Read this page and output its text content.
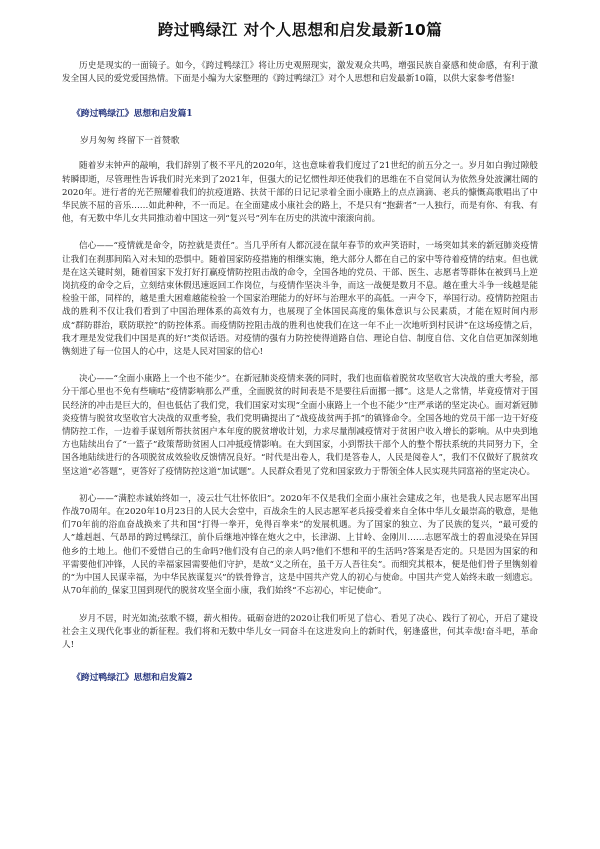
跨过鸭绿江 对个人思想和启发最新10篇

历史是现实的一面镜子。如今，《跨过鸭绿江》将让历史观照现实，激发观众共鸣，增强民族自豪感和使命感，有利于激发全国人民的爱党爱国热情。下面是小编为大家整理的《跨过鸭绿江》对个人思想和启发最新10篇，以供大家参考借鉴!

《跨过鸭绿江》思想和启发篇1
岁月匆匆 终留下一首赞歌

随着岁末钟声的敲响，我们辞别了极不平凡的2020年，这也意味着我们度过了21世纪的前五分之一。岁月如白驹过隙般转瞬即逝，尽管理性告诉我们时光来到了2021年，但强大的记忆惯性却还使我们的思维在不自觉间认为依然身处波澜壮阔的2020年。迸行者的光芒照耀着我们的抗疫道路、扶贫干部的日记记录着全面小康路上的点点滴滴、老兵的慷慨高歌唱出了中华民族不屈的音乐……如此种种，不一而足。在全面建成小康社会的路上，不是只有“抱薪者”一人独行，而是有你、有我、有他，有无数中华儿女共同推动着中国这一列“复兴号”列车在历史的洪流中滚滚向前。

信心——“疫情就是命令，防控就是责任”。当几乎所有人都沉浸在鼠年春节的欢声笑语时，一场突如其来的新冠肺炎疫情让我们在刹那间陷入对未知的恐惧中。随着国家防疫措施的相继实施，绝大部分人都在自己的家中等待着疫情的结束。但也就是在这关键时刻，随着国家下发打好打赢疫情防控阻击战的命令，全国各地的党员、干部、医生、志愿者等群体在被到马上逆岗抗疫的命令之后，立刻结束休假迅速返回工作岗位，与疫情作坚决斗争，而这一战便是数月不息。越在重大斗争一线越是能检验干部，同样的，越是重大困难越能检验一个国家治理能力的好坏与治理水平的高低。一声令下，举国行动。疫情防控阻击战的胜利不仅让我们看到了中国治理体系的高效有力，也展现了全体国民高度的集体意识与公民素质，才能在短时间内形成“群防群治，联防联控”的防控体系。而疫情防控阻击战的胜利也使我们在这一年不止一次地听到村民讲“在这场疫情之后，我才理是发觉我们中国是真的好!”类似话语。对疫情的强有力防控使得道路自信、理论自信、制度自信、文化自信更加深刻地镌刻进了每一位国人的心中，这是人民对国家的信心!

决心——“全面小康路上一个也不能少”。在新冠肺炎疫情来袭的同时，我们也面临着脱贫攻坚收官大决战的重大考验，部分干部心里也不免有些嘀咕“疫情影响那么严重，全面脱贫的时间表是不是要往后面挪一挪”。这是人之常情，毕竟疫情对于国民经济的冲击是巨大的，但也低估了我们党，我们国家对实现“全面小康路上一个也不能少”庄严承诺的坚定决心。面对新冠肺炎疫情与脱贫攻坚收官大决战的双重考验，我们党明确提出了“战疫战贫两手抓”的镇锋命令。全国各地的党员干部一边干好疫情防控工作，一边着手谋划所帮扶贫困户本年度的脱贫增收计划，力求尽量削减疫情对于贫困户收入增长的影响。从中央到地方也陆续出台了“一篮子”政策帮助贫困人口冲抵疫情影响。在大到国家，小到帮扶干部个人的整个帮扶系统的共同努力下，全国各地陆续进行的各项脱贫成效验收反馈情况良好。“时代是出卷人，我们是答卷人，人民是阅卷人”，我们不仅做好了脱贫攻坚这道“必答题”，更答好了疫情防控这道“加试题”。人民群众看见了党和国家致力于帮领全体人民实现共同富裕的坚定决心。

初心——“满腔赤诚始终如一，凌云壮气壮怀依旧”。2020年不仅是我们全面小康社会建成之年，也是我人民志愿军出国作战70周年。在2020年10月23日的人民大会堂中，百战余生的人民志愿军老兵接受着来自全体中华儿女最崇高的敬意，是他们70年前的浴血奋战换来了共和国“打得一拳开，免得百拳来”的发展机遇。为了国家的独立、为了民族的复兴，“最可爱的人”雄赳赳、气昂昂的跨过鸭绿江，前仆后继地冲锋在炮火之中，长津湖、上甘岭、金刚川……志愿军战士的碧血浸染在异国他乡的土地上。他们不爱惜自己的生命吗?他们没有自己的亲人吗?他们不想和平的生活吗?答案是否定的。只是因为国家的和平需要他们冲锋，人民的幸福家园需要他们守护，是故“义之所在，虽千万人吾往矣”。而细究其根本，便是他们骨子里镌刻着的“为中国人民谋幸福，为中华民族谋复兴”的铁骨铮言，这是中国共产党人的初心与使命。中国共产党人始终未敢一刻遗忘。从70年前的_保家卫国到现代的脱贫攻坚全面小康，我们始终“不忘初心，牢记使命”。

岁月不居，时光如流;弦歌不辍，薪火相传。砥砺奋进的2020让我们听见了信心、看见了决心、践行了初心，开启了建设社会主义现代化事业的新征程。我们将和无数中华儿女一同奋斗在这进发向上的新时代，躬逢盛世，何其幸哉!奋斗吧，革命人!

《跨过鸭绿江》思想和启发篇2
